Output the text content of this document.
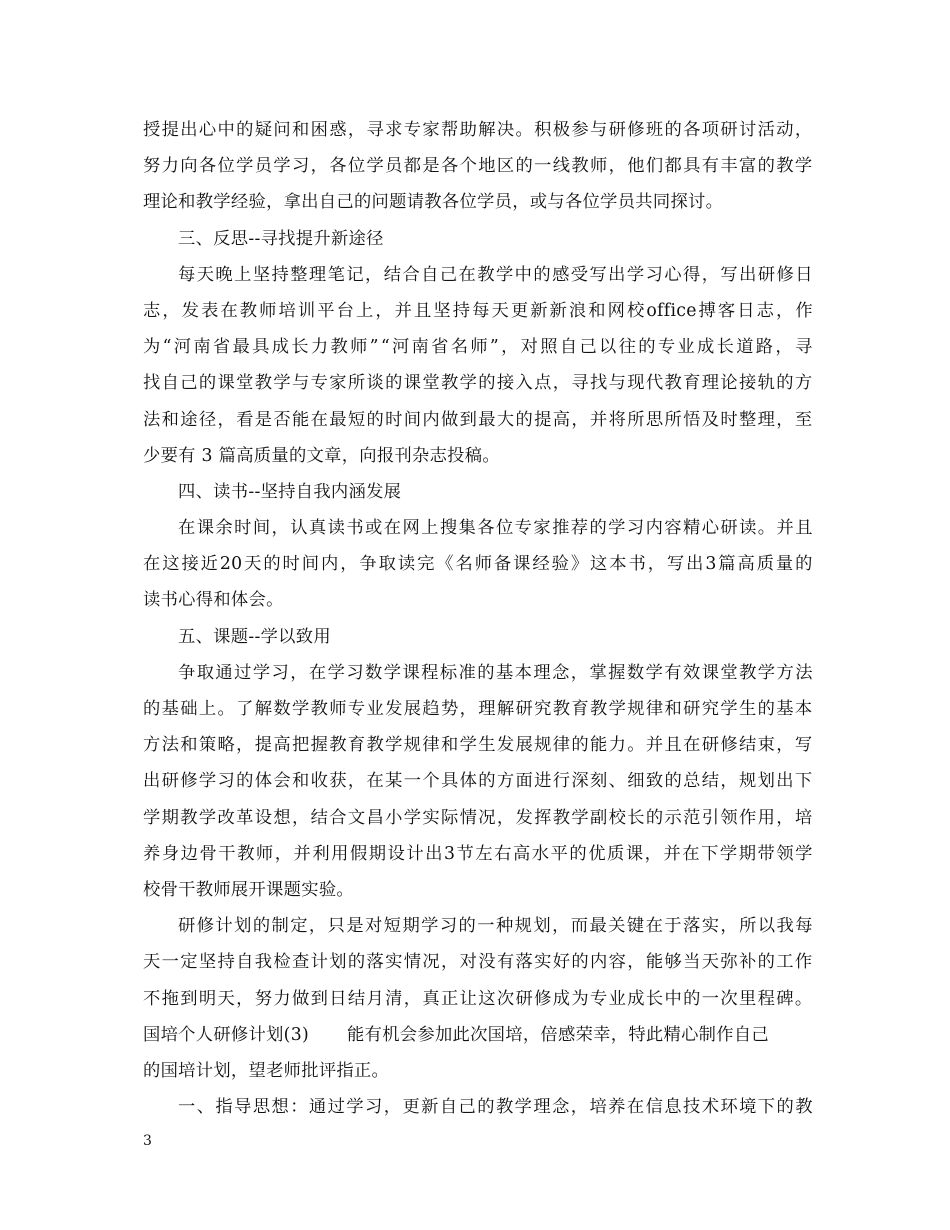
授 提 出 心 中 的 疑 问 和 困 惑 ， 寻 求 专 家 帮 助 解 决 。 积 极 参 与 研 修 班 的 各 项 研 讨 活 动 ，
努 力 向 各 位 学 员 学 习 ， 各 位 学 员 都 是 各 个 地 区 的 一 线 教 师 ， 他 们 都 具 有 丰 富 的 教 学
理论和教学经验，拿出自己的问题请教各位学员，或与各位学员共同探讨。
三、反思--寻找提升新途径
每 天 晚 上 坚 持 整 理 笔 记 ， 结 合 自 己 在 教 学 中 的 感 受 写 出 学 习 心 得 ， 写 出 研 修 日
志 ， 发 表 在 教 师 培 训 平 台 上 ， 并 且 坚 持 每 天 更 新 新 浪 和 网 校 office 搏 客 日 志 ， 作
为 “ 河 南 省 最 具 成 长 力 教 师 ” “ 河 南 省 名 师 ” ， 对 照 自 己 以 往 的 专 业 成 长 道 路 ， 寻
找 自 己 的 课 堂 教 学 与 专 家 所 谈 的 课 堂 教 学 的 接 入 点 ， 寻 找 与 现 代 教 育 理 论 接 轨 的 方
法 和 途 径 ， 看 是 否 能 在 最 短 的 时 间 内 做 到 最 大 的 提 高 ， 并 将 所 思 所 悟 及 时 整 理 ， 至
少要有 3 篇高质量的文章，向报刊杂志投稿。
四、读书--坚持自我内涵发展
在 课 余 时 间 ， 认 真 读 书 或 在 网 上 搜 集 各 位 专 家 推 荐 的 学 习 内 容 精 心 研 读 。 并 且
在 这 接 近 20 天 的 时 间 内 ， 争 取 读 完 《 名 师 备 课 经 验 》 这 本 书 ， 写 出 3 篇 高 质 量 的
读书心得和体会。
五、课题--学以致用
争 取 通 过 学 习 ， 在 学 习 数 学 课 程 标 准 的 基 本 理 念 ， 掌 握 数 学 有 效 课 堂 教 学 方 法
的 基 础 上 。 了 解 数 学 教 师 专 业 发 展 趋 势 ， 理 解 研 究 教 育 教 学 规 律 和 研 究 学 生 的 基 本
方 法 和 策 略 ， 提 高 把 握 教 育 教 学 规 律 和 学 生 发 展 规 律 的 能 力 。 并 且 在 研 修 结 束 ， 写
出 研 修 学 习 的 体 会 和 收 获 ， 在 某 一 个 具 体 的 方 面 进 行 深 刻 、 细 致 的 总 结 ， 规 划 出 下
学 期 教 学 改 革 设 想 ， 结 合 文 昌 小 学 实 际 情 况 ， 发 挥 教 学 副 校 长 的 示 范 引 领 作 用 ， 培
养 身 边 骨 干 教 师 ， 并 利 用 假 期 设 计 出 3 节 左 右 高 水 平 的 优 质 课 ， 并 在 下 学 期 带 领 学
校骨干教师展开课题实验。
研 修 计 划 的 制 定 ， 只 是 对 短 期 学 习 的 一 种 规 划 ， 而 最 关 键 在 于 落 实 ， 所 以 我 每
天 一 定 坚 持 自 我 检 查 计 划 的 落 实 情 况 ， 对 没 有 落 实 好 的 内 容 ， 能 够 当 天 弥 补 的 工 作
不 拖 到 明 天 ， 努 力 做 到 日 结 月 清 ， 真 正 让 这 次 研 修 成 为 专 业 成 长 中 的 一 次 里 程 碑 。
国培个人研修计划(3) 能有机会参加此次国培，倍感荣幸，特此精心制作自己
的国培计划，望老师批评指正。
一 、 指 导 思 想 ： 通 过 学 习 ， 更 新 自 己 的 教 学 理 念 ， 培 养 在 信 息 技 术 环 境 下 的 教
3
